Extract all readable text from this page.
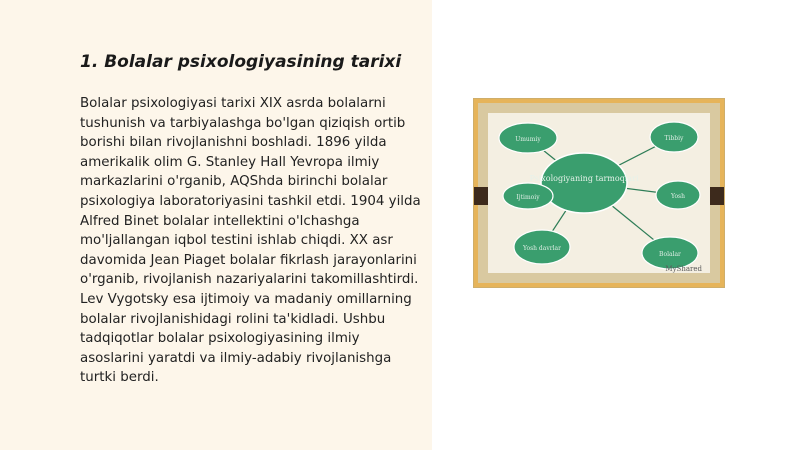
1. Bolalar psixologiyasining tarixi

Bolalar psixologiyasi tarixi XIX asrda bolalarni tushunish va tarbiyalashga bo'lgan qiziqish ortib borishi bilan rivojlanishni boshladi. 1896 yilda amerikalik olim G. Stanley Hall Yevropa ilmiy markazlarini o'rganib, AQShda birinchi bolalar psixologiya laboratoriyasini tashkil etdi. 1904 yilda Alfred Binet bolalar intellektini o'lchashga mo'ljallangan iqbol testini ishlab chiqdi. XX asr davomida Jean Piaget bolalar fikrlash jarayonlarini o'rganib, rivojlanish nazariyalarini takomillashtirdi. Lev Vygotsky esa ijtimoiy va madaniy omillarning bolalar rivojlanishidagi rolini ta'kidladi. Ushbu tadqiqotlar bolalar psixologiyasining ilmiy asoslarini yaratdi va ilmiy-adabiy rivojlanishga turtki berdi.

Psixologiyaning tarmoqlari
Umumiy
Ijtimoiy
Tibbiy
Yosh
Yosh davrlar
Bolalar
MyShared
